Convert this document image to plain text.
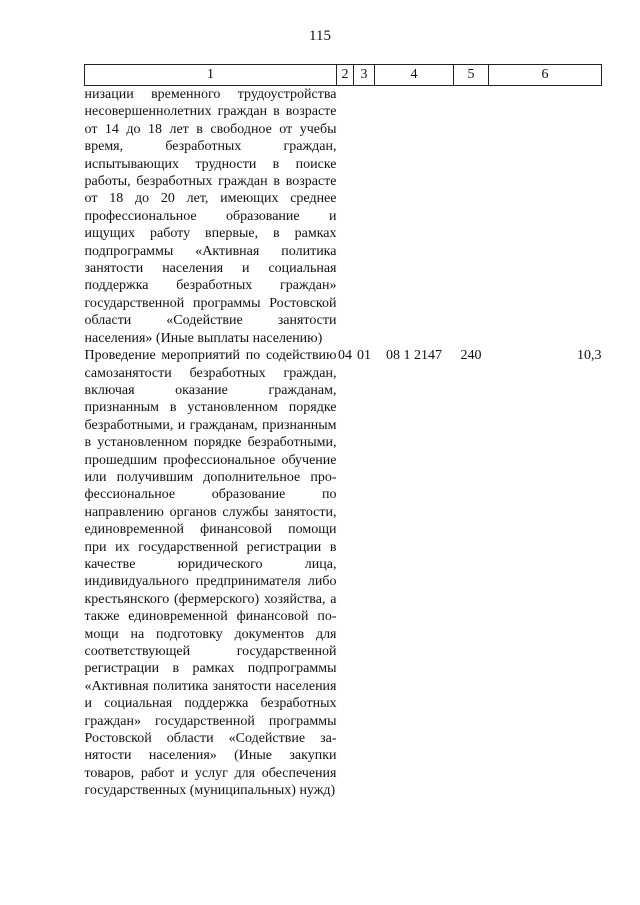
115
1	2	3	4	5	6
низации временного трудоустройства несовершеннолетних граждан в возрасте от 14 до 18 лет в свободное от учебы время, безработных граждан, испытывающих трудности в поиске работы, безработных граждан в возрасте от 18 до 20 лет, имеющих среднее профессиональное образование и ищущих работу впервые, в рамках подпрограммы «Активная политика занятости населения и социальная поддержка безработных граждан» государственной программы Ростовской области «Содействие занятости населения» (Иные выплаты населению)					
Проведение мероприятий по содействию самозанятости безработных граждан, включая оказание гражданам, признанным в установленном порядке безработными, и гражданам, признанным в установленном порядке безработными, прошедшим профессиональное обучение или получившим дополнительное профессиональное образование по направлению органов службы занятости, единовременной финансовой помощи при их государственной регистрации в качестве юридического лица, индивидуального предпринимателя либо крестьянского (фермерского) хозяйства, а также единовременной финансовой помощи на подготовку документов для соответствующей государственной регистрации в рамках подпрограммы «Активная политика занятости населения и социальная поддержка безработных граждан» государственной программы Ростовской области «Содействие занятости населения» (Иные закупки товаров, работ и услуг для обеспечения государственных (муниципальных) нужд)	04	01	08 1 2147	240	10,3
